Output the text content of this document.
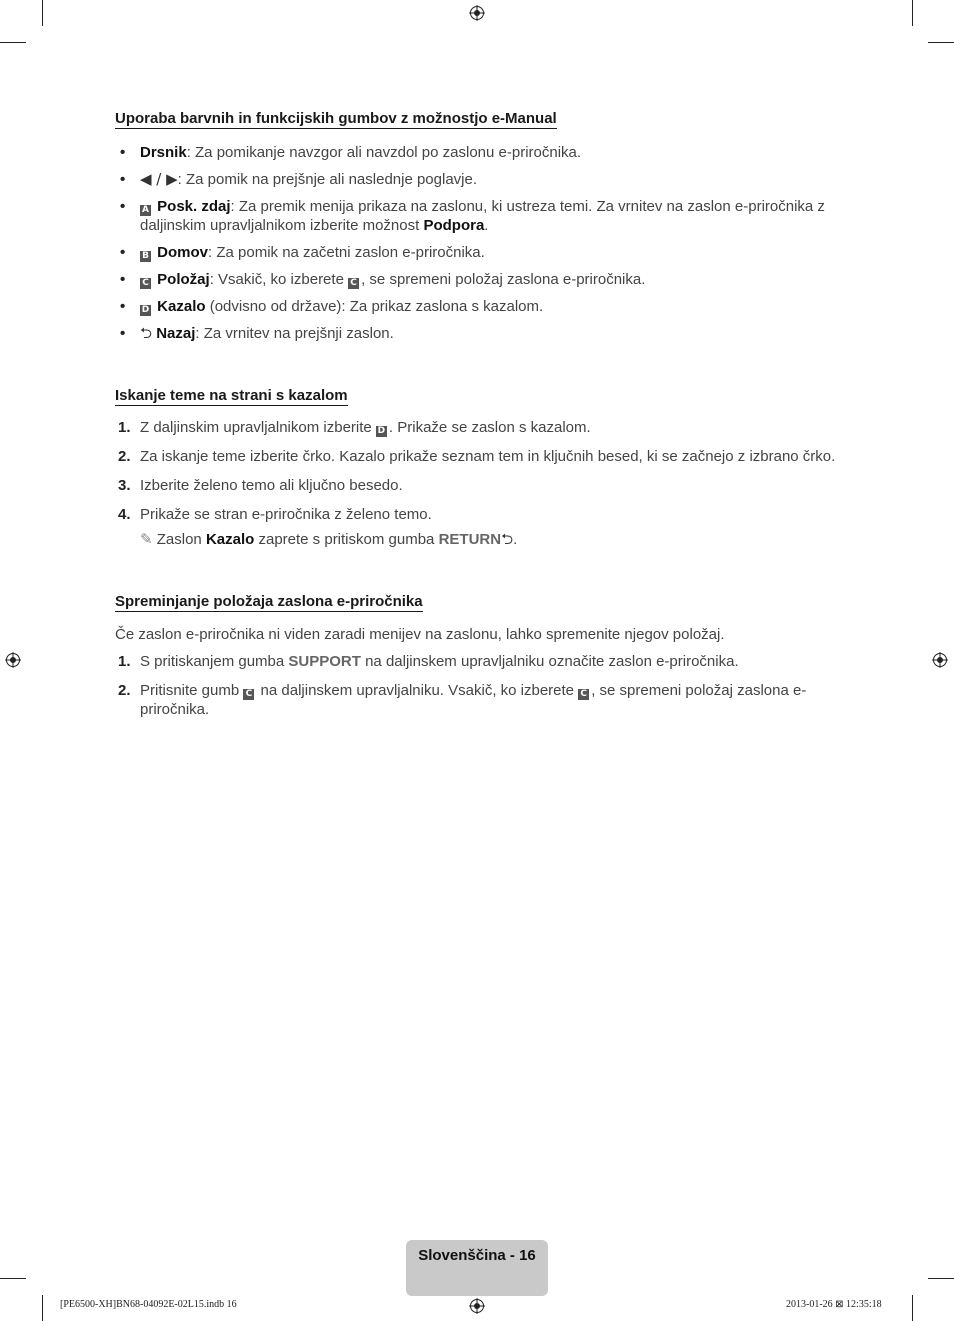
Uporaba barvnih in funkcijskih gumbov z možnostjo e-Manual
• Drsnik: Za pomikanje navzgor ali navzdol po zaslonu e-priročnika.
• ◀ / ▶: Za pomik na prejšnje ali naslednje poglavje.
• A Posk. zdaj: Za premik menija prikaza na zaslonu, ki ustreza temi. Za vrnitev na zaslon e-priročnika z daljinskim upravljalnikom izberite možnost Podpora.
• B Domov: Za pomik na začetni zaslon e-priročnika.
• C Položaj: Vsakič, ko izberete C , se spremeni položaj zaslona e-priročnika.
• D Kazalo (odvisno od države): Za prikaz zaslona s kazalom.
• ⮌ Nazaj: Za vrnitev na prejšnji zaslon.
Iskanje teme na strani s kazalom
1. Z daljinskim upravljalnikom izberite D . Prikaže se zaslon s kazalom.
2. Za iskanje teme izberite črko. Kazalo prikaže seznam tem in ključnih besed, ki se začnejo z izbrano črko.
3. Izberite želeno temo ali ključno besedo.
4. Prikaže se stran e-priročnika z želeno temo.
✎ Zaslon Kazalo zaprete s pritiskom gumba RETURN⮌.
Spreminjanje položaja zaslona e-priročnika
Če zaslon e-priročnika ni viden zaradi menijev na zaslonu, lahko spremenite njegov položaj.
1. S pritiskanjem gumba SUPPORT na daljinskem upravljalniku označite zaslon e-priročnika.
2. Pritisnite gumb C na daljinskem upravljalniku. Vsakič, ko izberete C , se spremeni položaj zaslona e-priročnika.
Slovenščina - 16
[PE6500-XH]BN68-04092E-02L15.indb 16	2013-01-26 ⊠ 12:35:18
